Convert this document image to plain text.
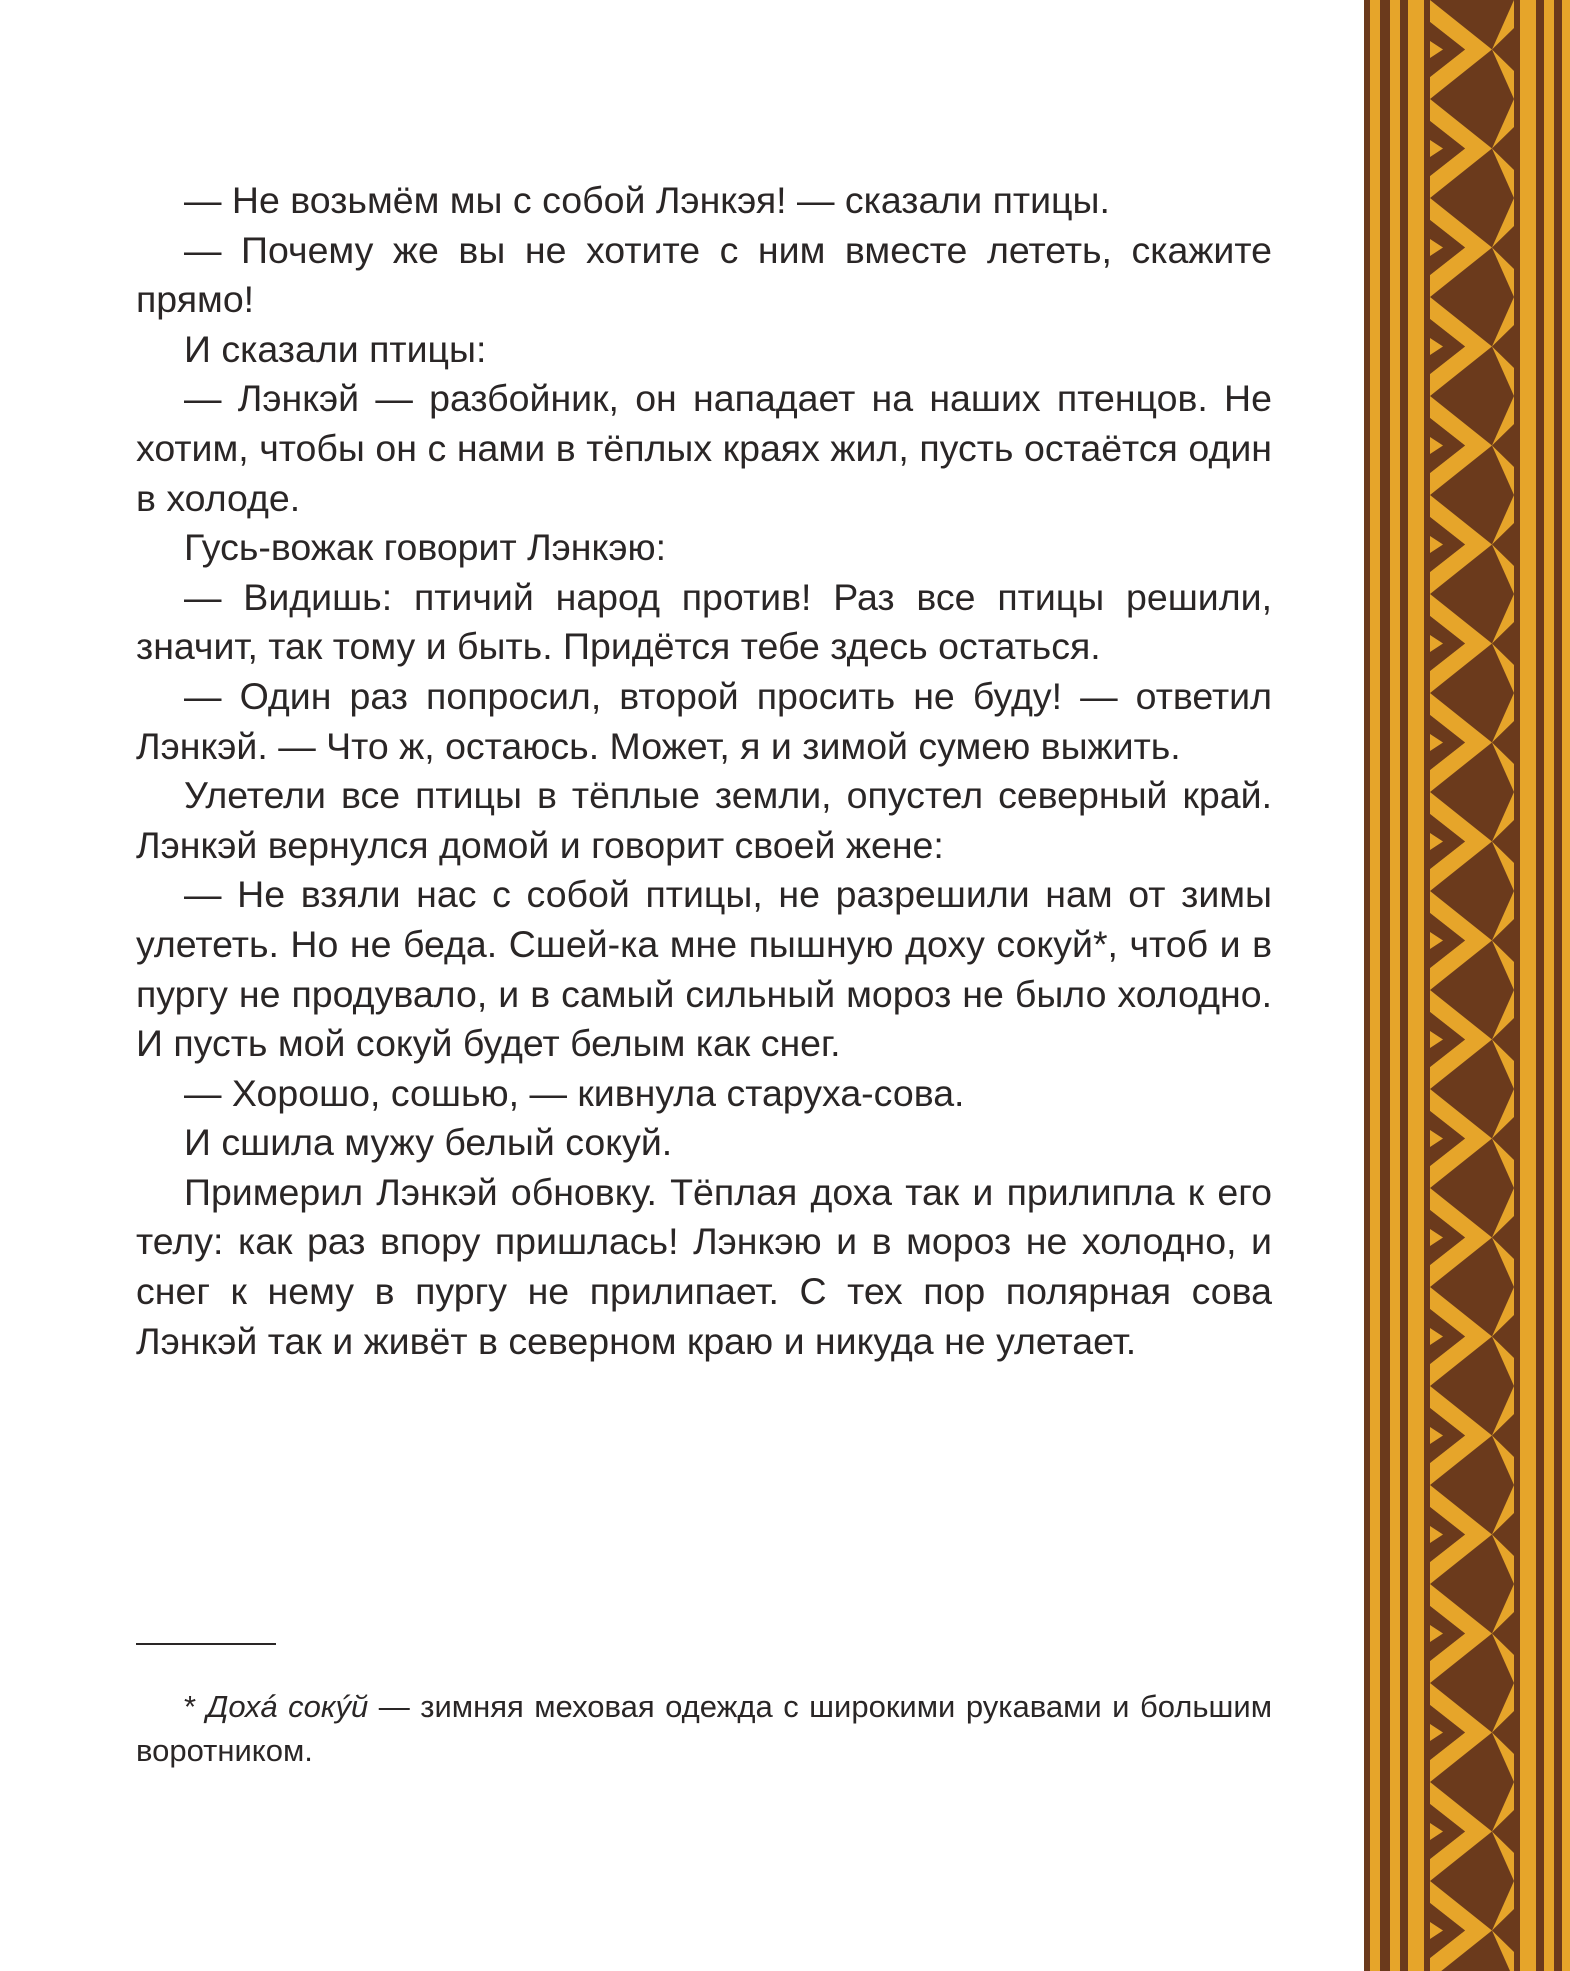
— Не возьмём мы с собой Лэнкэя! — сказали птицы.

— Почему же вы не хотите с ним вместе лететь, скажите прямо!

И сказали птицы:

— Лэнкэй — разбойник, он нападает на наших птенцов. Не хотим, чтобы он с нами в тёплых краях жил, пусть остаётся один в холоде.

Гусь-вожак говорит Лэнкэю:

— Видишь: птичий народ против! Раз все птицы решили, значит, так тому и быть. Придётся тебе здесь остаться.

— Один раз попросил, второй просить не буду! — ответил Лэнкэй. — Что ж, остаюсь. Может, я и зимой сумею выжить.

Улетели все птицы в тёплые земли, опустел северный край. Лэнкэй вернулся домой и говорит своей жене:

— Не взяли нас с собой птицы, не разрешили нам от зимы улететь. Но не беда. Сшей-ка мне пышную доху сокуй*, чтоб и в пургу не продувало, и в самый сильный мороз не было холодно. И пусть мой сокуй будет белым как снег.

— Хорошо, сошью, — кивнула старуха-сова.

И сшила мужу белый сокуй.

Примерил Лэнкэй обновку. Тёплая доха так и прилипла к его телу: как раз впору пришлась! Лэнкэю и в мороз не холодно, и снег к нему в пургу не прилипает. С тех пор полярная сова Лэнкэй так и живёт в северном краю и никуда не улетает.

* Дохá сокýй — зимняя меховая одежда с широкими рукавами и большим воротником.
